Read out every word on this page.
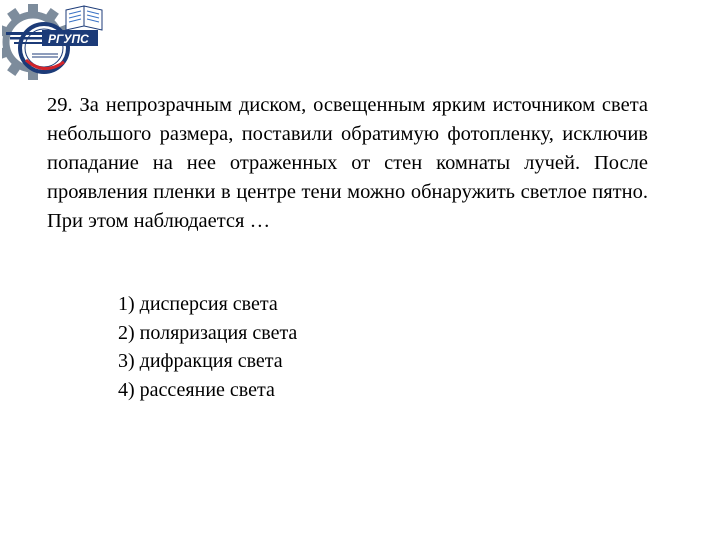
РГУПС

29. За непрозрачным диском, освещенным ярким источником света небольшого размера, поставили обратимую фотопленку, исключив попадание на нее отраженных от стен комнаты лучей. После проявления пленки в центре тени можно обнаружить светлое пятно. При этом наблюдается …

1) дисперсия света
2) поляризация света
3) дифракция света
4) рассеяние света
